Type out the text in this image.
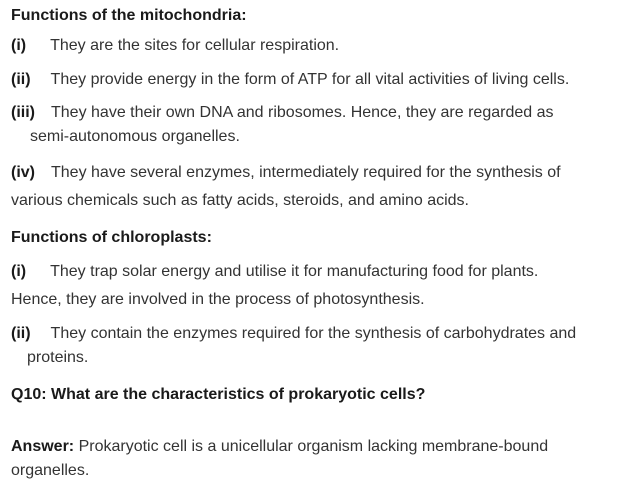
Functions of the mitochondria:
(i) They are the sites for cellular respiration.
(ii) They provide energy in the form of ATP for all vital activities of living cells.
(iii) They have their own DNA and ribosomes. Hence, they are regarded as
semi-autonomous organelles.
(iv) They have several enzymes, intermediately required for the synthesis of
various chemicals such as fatty acids, steroids, and amino acids.
Functions of chloroplasts:
(i) They trap solar energy and utilise it for manufacturing food for plants.
Hence, they are involved in the process of photosynthesis.
(ii) They contain the enzymes required for the synthesis of carbohydrates and
proteins.
Q10: What are the characteristics of prokaryotic cells?
Answer: Prokaryotic cell is a unicellular organism lacking membrane-bound
organelles.
